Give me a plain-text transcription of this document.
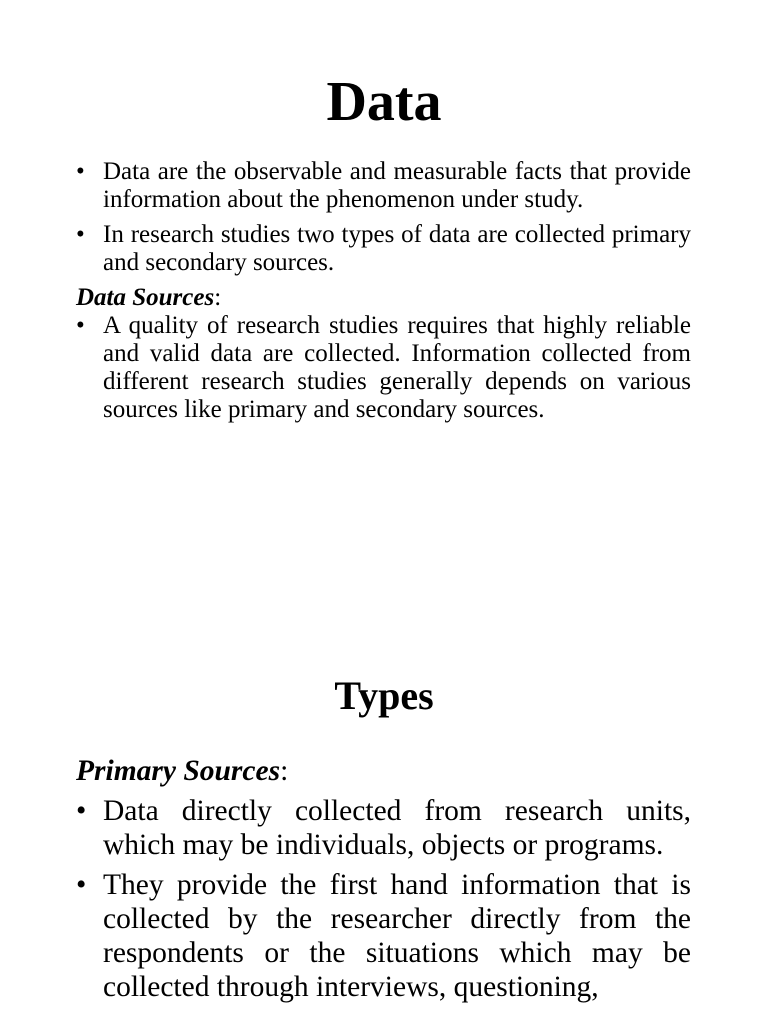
Data
• Data are the observable and measurable facts that provide information about the phenomenon under study.
• In research studies two types of data are collected primary and secondary sources.

Data Sources:

• A quality of research studies requires that highly reliable and valid data are collected. Information collected from different research studies generally depends on various sources like primary and secondary sources.
Types

Primary Sources:

• Data directly collected from research units, which may be individuals, objects or programs.
• They provide the first hand information that is collected by the researcher directly from the respondents or the situations which may be collected through interviews, questioning,
